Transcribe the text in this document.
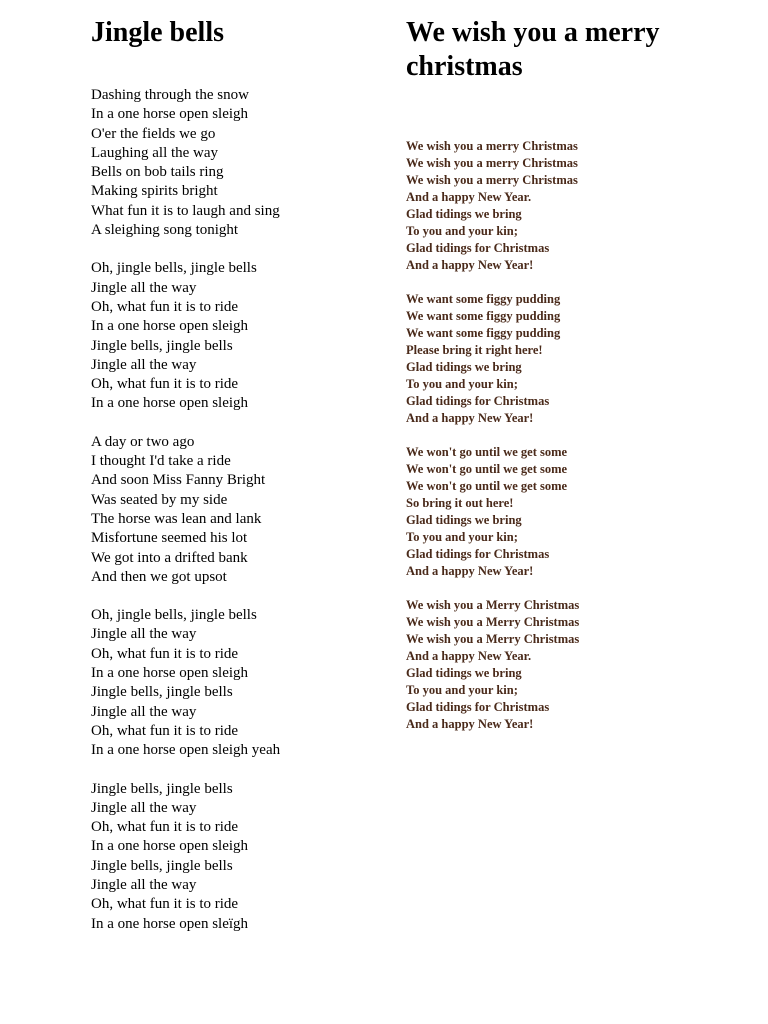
Jingle bells
Dashing through the snow
In a one horse open sleigh
O'er the fields we go
Laughing all the way
Bells on bob tails ring
Making spirits bright
What fun it is to laugh and sing
A sleighing song tonight
Oh, jingle bells, jingle bells
Jingle all the way
Oh, what fun it is to ride
In a one horse open sleigh
Jingle bells, jingle bells
Jingle all the way
Oh, what fun it is to ride
In a one horse open sleigh
A day or two ago
I thought I'd take a ride
And soon Miss Fanny Bright
Was seated by my side
The horse was lean and lank
Misfortune seemed his lot
We got into a drifted bank
And then we got upsot
Oh, jingle bells, jingle bells
Jingle all the way
Oh, what fun it is to ride
In a one horse open sleigh
Jingle bells, jingle bells
Jingle all the way
Oh, what fun it is to ride
In a one horse open sleigh yeah
Jingle bells, jingle bells
Jingle all the way
Oh, what fun it is to ride
In a one horse open sleigh
Jingle bells, jingle bells
Jingle all the way
Oh, what fun it is to ride
In a one horse open sleïgh
We wish you a merry christmas
We wish you a merry Christmas
We wish you a merry Christmas
We wish you a merry Christmas
And a happy New Year.
Glad tidings we bring
To you and your kin;
Glad tidings for Christmas
And a happy New Year!
We want some figgy pudding
We want some figgy pudding
We want some figgy pudding
Please bring it right here!
Glad tidings we bring
To you and your kin;
Glad tidings for Christmas
And a happy New Year!
We won't go until we get some
We won't go until we get some
We won't go until we get some
So bring it out here!
Glad tidings we bring
To you and your kin;
Glad tidings for Christmas
And a happy New Year!
We wish you a Merry Christmas
We wish you a Merry Christmas
We wish you a Merry Christmas
And a happy New Year.
Glad tidings we bring
To you and your kin;
Glad tidings for Christmas
And a happy New Year!
